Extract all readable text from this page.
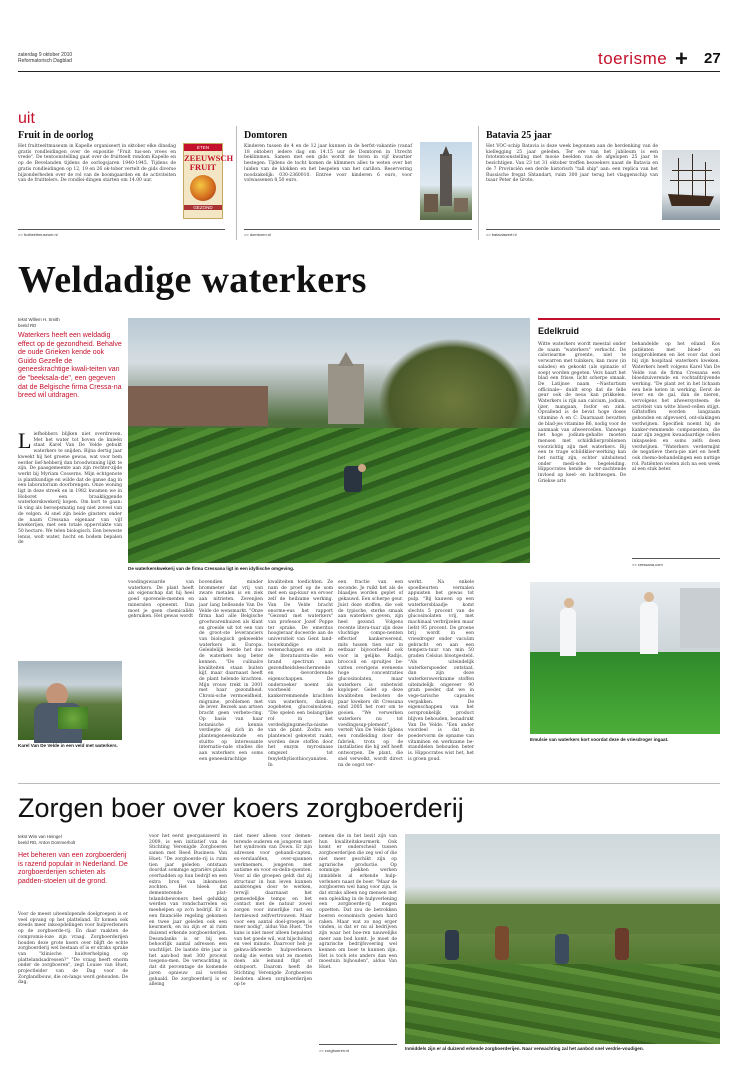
zaterdag 9 oktober 2010
Reformatorisch Dagblad	toerisme + 27
uit
Fruit in de oorlog
Het fruitteeltmuseum in Kapelle organiseert in oktober elke dinsdag gratis rondleidingen over de expositie "Fruit tus-sen vrees en vrede". De tentoonstelling gaat over de fruitteelt rondom Kapelle en op de Bevelanden tijdens de oorlogsjaren 1940-1945. Tijdens de gratis rondleidingen op 12, 19 en 26 ok-tober vertelt de gids diverse bijzonderheden over de rol van de boomgaarden en de activiteiten van de fruittelers. De rondlei-dingen starten om 14.00 uur.
ETEN
ZEEUWSCH FRUIT
GEZOND
>> fruitteeltmuseum.nl
Domtoren
Kinderen tussen de 4 en de 12 jaar kunnen in de herfst-vakantie (vanaf 18 oktober) iedere dag om 14.15 uur de Domtoren in Utrecht beklimmen. Samen met een gids wordt de toren in vijf kwartier bestegen. Tijdens de tocht komen de klimmers alles te weten over het luiden van de klokken en het bespelen van het carillon. Reservering noodzakelijk: 030-2360010. Entree voor kinderen 6 euro, voor volwassenen 8,50 euro.
>> domtoren.nl
Batavia 25 jaar
Het VOC-schip Batavia is deze week begonnen aan de herdenking van de kiellegging 25 jaar geleden. Ter ere van het jubileum is een fototentoonstelling met mooie beelden van de afgelopen 25 jaar te bezichtigen. Van 23 tot 31 oktober treffen bezoekers naast de Batavia en de 7 Provinciën een derde historisch "tall ship" aan: een replica van het Russische fregat Shtandart, ruim 300 jaar terug het vlaggenschip van tsaar Peter de Grote.
>> bataviawerf.nl
Weldadige waterkers
tekst Willem H. Smith
beeld RD
Waterkers heeft een weldadig effect op de gezondheid. Behalve de oude Grieken kende ook Guido Gezelle de geneeskrachtige kwali-teiten van de "beeksala-de", een gegeven dat de Belgische firma Cressa-na breed wil uitdragen.
Liefhebbers blijken niet overdreven. Met het water tot boven de knieën staat Karel Van De Velde gebukt waterkers te snijden. Bijna dertig jaar kweekt hij het groene gewas, wat voor hem eerder lief-hebberij dan broodwinning lijkt te zijn. De paasgemeente aan zijn rechter-zijde werkt bij Myriam Cosserns. Mijn echtgenote is plantkundige en wilde dat de ganse dag in een laboratorium doorbrengen. Onze woning ligt in deze streek en in 1982 kwamen we in Hoboret een braakliggende waterkerskwekerij kopen. Om kort te gaan: ik ving als beroepsmatig nog niet zoveel van de velgen. Al snel zijn beide ginsters onder de naam Cressana eigenaar van vijf kwekerijen, met een totale oppervlakte van 50 hectare. We telen biologisch. Een beweste lenus, wolt water, hocht en bodem bepalen de
De waterkerskwekerij van de firma Cressana ligt in een idyllische omgeving.
Karel Van De Velde in een veld met waterkers.
voedingswaarde van waterkers. De plant heeft als eigenschap dat hij heel goed sporenele-menten en mineralen opneemt. Dan moet je geen chemicaliën gebruiken. Het gewas wordt
bovendien minder brommeter dat vrij van zware metalen is en ziek aan nitrieten. Zevenjien jaar lang belleande Van De Velde de wensmarkt. "Onze firma had alle Belgische grootwarenhuizen als klant en groeide uit tot een van de groot-ste leveranciers van biologisch gekweekte waterkers in Europa. Geleidelijk leerde het duo de waterkers nog beter kennen. "De culinaire kwaliteiten staan buiten kijf, maar daarnaast heeft de plant helende krachten. Mijn vrouw trekt in 2001 met haar gezondheid. Chroni-sche vermoeidheid, migraine, problemen met de lever. Bezoek aan artsen bracht geen verbete-ring. Op basis van haar botanische kennis verdiepte zij zich in de plantengeneeskunde en stuitte op interessante internatio-nale studies die aan waterkers een soms een geneeskrachtige
kwaliteiten toedichten. Ze nam de proef op de som met een sap-kuur en ervoer zelf de heilzame werking. Van De Velde bracht enorme-eus het rapport "Gezond met waterkers" van professor Jozef Poppe ter sprake. De emeritus hoogleraar doceerde aan de universiteit van Gent land-bouwkundige wetenschappen en stelt in de literatuurstu-die een brand spectrum aan gezondheidsbeschermende en -bevorderende eigenschappen. De onderzoeker noemt als voorbeeld de kankerremmende krachten van waterkers, dank-zij zogeheten glucosinolaten. "Die spelen een belangrijke rol in het verdedigingsmecha-nisme van de plant. Zodra een plantencel gekwetst raakt, worden deze stoffen door het enzym myrosinase omgezet tot fenylethylisothiocyanaten. In
een fractie van een seconde. Je ruikt het als de blaadjes worden geplet of gekauwd. Een scherpe geur. Juist deze stoffen, die ook de typische, sterke smaak aan waterkers geven, zijn heel gezond. Volgens recente litera-tuur zijn deze vluchtige compo-nenten effectief kankerwerend, mits tussen tien uur in eetbaar bijvoorbeeld ook voor in gelijke. Radijs, broccoli en spruitjes be-vatten overigens eveneens hoge concentraties glucosinolaten, maar waterkers is onbetwist koploper. Gelet op deze kwaliteiten besloten de paar kwekers dit Cressana eind 2005 het roer om te gooien. "We verwerken waterkers nu tot voedingssup-plement", vertelt Van De Velde tijdens een rondleiding door de fabriek, trots op de installaties die hij zelf heeft ontworpen. De plant, die snel verwelkt, wordt direct na de oogst ver-
werkt. Na enkele spoelbeurten vermalen appuisten het gewas tot pulp. "Bij kauwen op een waterkersblaadje komt slechts 5 procent van de glucosinolaten vrij, met machinaal verbrijzelen maar liefst 95 procent. De groene brij wordt in een vriesdroger onder vacuüm gebracht en aan een tempera-tuur van min 50 graden Celsius blootgesteld. "Als uiteindelijk waterkerspoeder ontstaat, dan zijn deze waterkerswerkzame stoffen uiteindelijk ongeveer 90 gram poeder, dat we in vege-tarische capsules verpakken. De eigenschappen van het oorspronkelijk product blijven behouden, benadrukt Van De Velde. "Een ander voordeel is dat in poedervorm de opname van vitaminen en werkzame be-standdelen behouden beter is. Hippocrates wist het, het is groen goud.
Emulsie van waterkers kort voordat deze de vriesdroger ingaat.
Edelkruid
Witte waterkers wordt meestal onder de naam "waterkers" verkocht. De caloriearme groente, niet te verwarren met tuinkers, kan rauw (in salades) en gekookt (als spinazie of soep) worden gegeten. Vers baart het blad een frisse, licht scherpe smaak. De Latijnse naam --Nasturtium officinale-- duidt erop dat de felle geur ook de neus kan prikkelen. Waterkers is rijk aan calcium, jodium, ijzer, mangaan, fosfor en zink. Opvallend is de bevat hoge doses vitamine A en C. Daarnaast bevatten de blad-jes vitamine B6, nodig voor de aanmaak van afweercellen. Vanwege het hoge jodium-gehalte moeten mensen met schildklierproblemen voorzichtig zijn met waterkers. Bij een te trage schildklier-werking kan het nuttig zijn, echter uitsluitend onder medi-sche begeleiding. Hippocrates kende de ver-zachtende invloed op keel- en luchtwegen. De Griekse arts
behandelde op het eiland Kos patiënten met bloed- en longproblemen en liet voor dat doel bij zijn hospitaal waterkers kweken. Waterkers heeft volgens Karel Van De Velde van de firma Cressana een bloedzuiverende en vochtafdrijvende werking. "De plant zet in het lichaam een hele keten in werking. Eerst de lever en de gal, dan de nieren, vervolgens het afweersysteem: de activiteit van witte bloed-cellen stijgt. Giftstoffen worden langzaam gebonden en afgevoerd, ont-slakingen verdwijnen. Specifiek noemt hij de kanker-remmende componenten, die naar zijn zeggen kwaadaardige cellen inkapselen en soms zelfs doen verdwijnen. "Waterkers verdermijnt de negatieve thera-pie niet en heeft ook chemo-behandelingen een nuttige rol. Patiënten voelen zich na een week al een stuk beter.
>> cressana.com
Zorgen boer over koers zorgboerderij
tekst Wim van Heingel
beeld RD, Anton Dommerholt
Het beheren van een zorgboerderij is razend populair in Nederland. De zorgboerderijen schieten als padden-stoelen uit de grond.
Voor de meest uiteenlopende doelgroepen is er veel opvang op het platteland. Er komen ook steeds meer inkoopdelingen voor hulpverleners op de zorgboerde-rij. En daar raakten de compromis-loze zijn vraag. Zorgboerderijen houden deze grote koers over blijft de echte zorgboerderij wel bestaan of is er straks sprake van "klinische huidverhelping op plattelandsadressen?" "De vraag heeft enorm onder de zorgboeren", zegt Louise van Huet, projectleider van de Dag voor de Zorglandbouw, die on-langs werd gehouden. De dag,
voor het eerst georganiseerd in 2009, is een initiatief van de Stichting Verenigde Zorgboeren samen met Reed Business. Van Huet: "De zorgboerde-rij is ruim tien jaar geleden ontstaan doordat sommige agrariërs plaats overhadden op hun bedrijf en een extra bron van inkomsten zochten. Het bleek dat dementerende plat-telandsbewoners heel gelukkig werden van rondscharrelen en meehelpen op zo'n bedrijf. Er is een financiële regeling gekomen en twee jaar geleden ook een keurmerk, en nu zijn er al ruim duizend erkende zorgboerderijen. Desondanks is er bij een behoorlijk aantal adressen een wachtlijst. De laatste drie jaar is het aan-bod met 300 procent toegeno-men. De verwachting is dat dit percentage de komende jaren opnieuw zal worden gehaald. De zorgboerderij is er alleing
niet meer alleen voor demen-terende ouderen en jongeren met het syndroom van Down. Er zijn adressen voor gehandi-capten, ex-verslaafden, over-spannen werknemers, jongeren met autisme en voor ex-delin-quenten. Voor al die groepen geldt dat zij structuur in hun leven kunnen aanbrengen door te werken, terwijl daarnaast het gemoedelijke tempo en het contact met de natuur zowel zorgen voor innerlijke rust en hernieuwd zelfvertrouwen. Maar voor een aantal doel-groepen is meer nodig", aldus Van Huet. "De kans is niet meer alleen bepalend van het goede wil, wat bijscholing en veel minute. Daarvoor heb je gekwa-lificeerde hulpverleners nodig die weten wat ze moeten doen als iemand flipt of ontspoort. Daarom heeft de Stichting Verenigde Zorgboeren besloten alleen zorgboerderijen op te
nemen die in het bezit zijn van hun kwaliteitskeurmerk. Ook komt er onderscheid tussen zorgboerderijen die zeg wel of die niet meer geschikt zijn op agrarische productie. Op sommige plekken werken inmiddels al erkende hulp-verleners naast de boer. "Maar de zorgboeren wel hang voor zijn, is dat straks alleen nog mensen met een opleiding in de hulpverlening een zorgboerde-rij mogen opzetten. Dat zou de betrokken boeren economisch gesien hard raken. Maar wat zo nog erger vinden, is dat er nu al bedrijven zijn waar het boe-ren nauwelijks meer aan bod komt. Je moet de agrarische bedrijfsvoering wel kennen om boer te kunnen zijn. Het is toch iets anders dan een moestuin bijhouden", aldus Van Huet.
>> zorgboeren.nl	Inmiddels zijn er al duizend erkende zorgboerderijen. Naar verwachting zal het aanbod snel verdrie-voudigen.
